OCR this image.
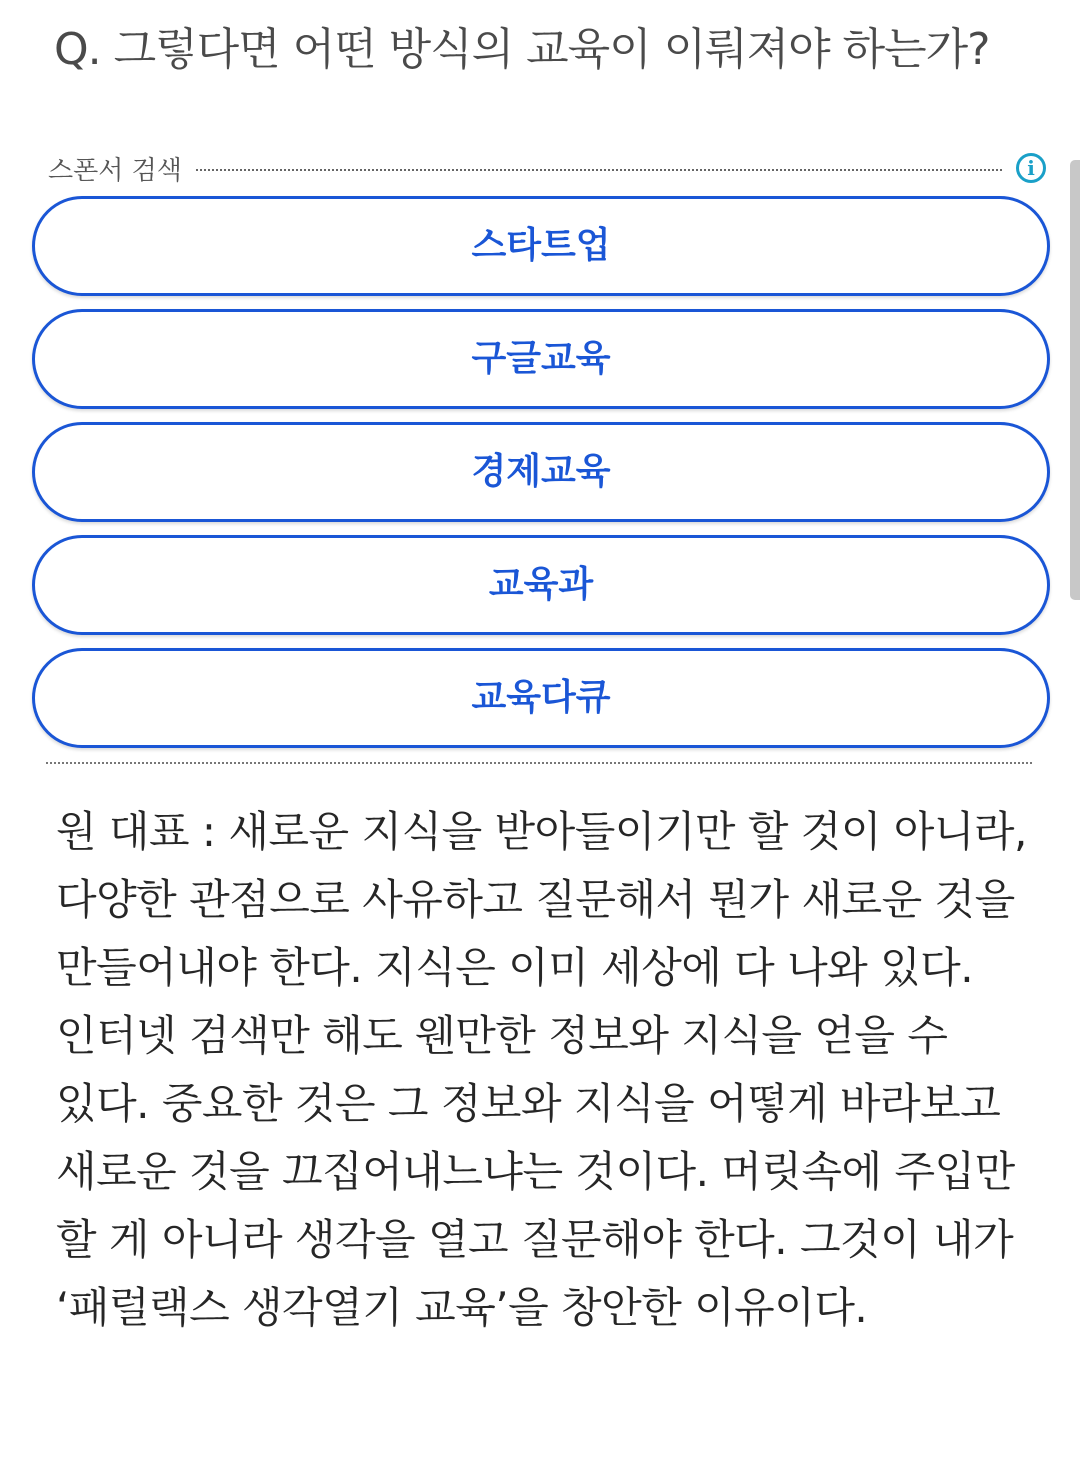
Q. 그렇다면 어떤 방식의 교육이 이뤄져야 하는가?
스폰서 검색	i
스타트업
구글교육
경제교육
교육과
교육다큐
원 대표 : 새로운 지식을 받아들이기만 할 것이 아니라, 다양한 관점으로 사유하고 질문해서 뭔가 새로운 것을 만들어내야 한다. 지식은 이미 세상에 다 나와 있다. 인터넷 검색만 해도 웬만한 정보와 지식을 얻을 수 있다. 중요한 것은 그 정보와 지식을 어떻게 바라보고 새로운 것을 끄집어내느냐는 것이다. 머릿속에 주입만 할 게 아니라 생각을 열고 질문해야 한다. 그것이 내가 ‘패럴랙스 생각열기 교육’을 창안한 이유이다.
